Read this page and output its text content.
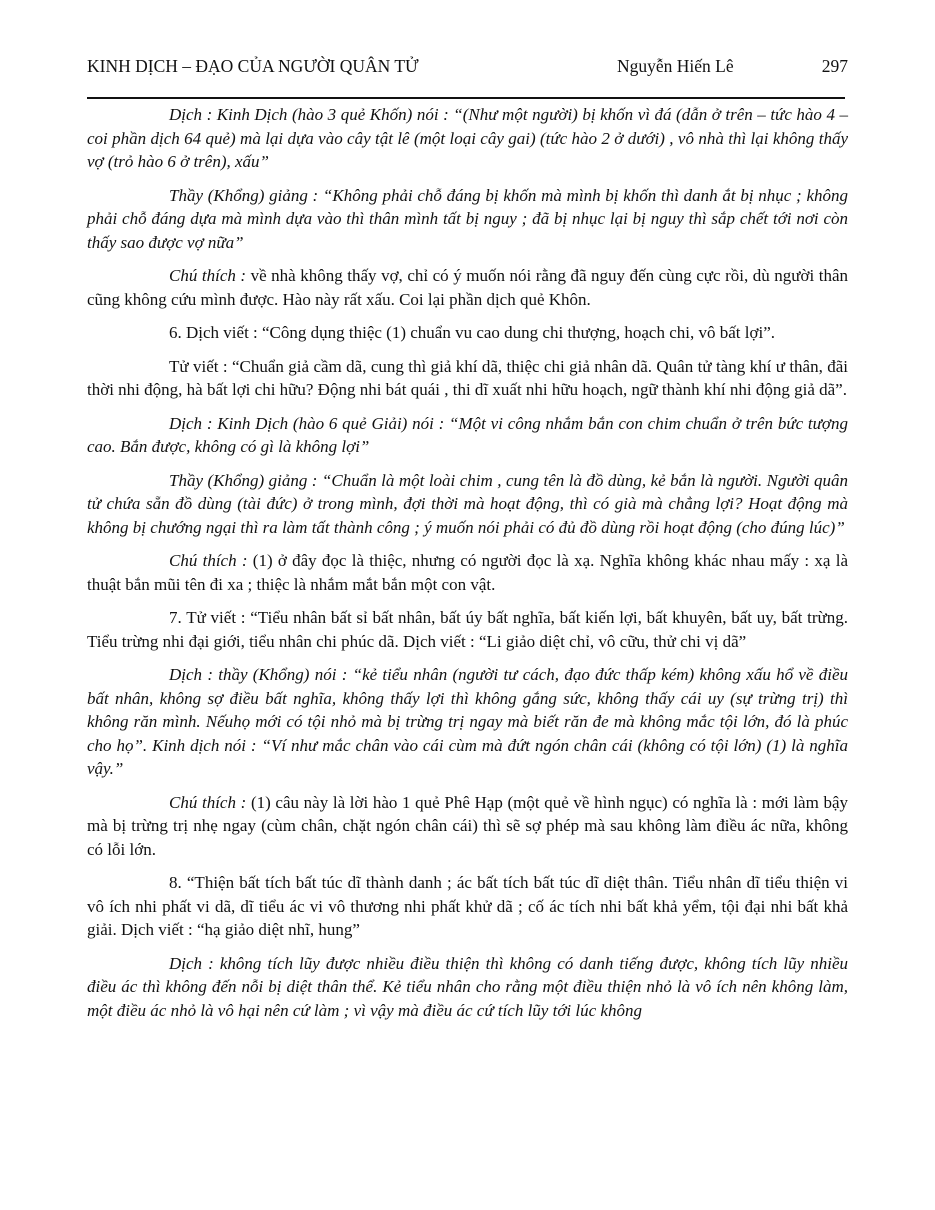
KINH DỊCH – ĐẠO CỦA NGƯỜI QUÂN TỬ	Nguyễn Hiến Lê	297

Dịch : Kinh Dịch (hào 3 quẻ Khốn) nói : “(Như một người) bị khốn vì đá (dẫn ở trên – tức hào 4 – coi phần dịch 64 quẻ) mà lại dựa vào cây tật lê (một loại cây gai) (tức hào 2 ở dưới) , vô nhà thì lại không thấy vợ (trỏ hào 6 ở trên), xấu”

Thầy (Khổng) giảng : “Không phải chỗ đáng bị khốn mà mình bị khốn thì danh ắt bị nhục ; không phải chỗ đáng dựa mà mình dựa vào thì thân mình tất bị nguy ; đã bị nhục lại bị nguy thì sắp chết tới nơi còn thấy sao được vợ nữa”

Chú thích : về nhà không thấy vợ, chỉ có ý muốn nói rằng đã nguy đến cùng cực rồi, dù người thân cũng không cứu mình được. Hào này rất xấu. Coi lại phần dịch quẻ Khôn.

6. Dịch viết : “Công dụng thiệc (1) chuẩn vu cao dung chi thượng, hoạch chi, vô bất lợi”.

Tử viết : “Chuẩn giả cầm dã, cung thì giả khí dã, thiệc chi giả nhân dã. Quân tử tàng khí ư thân, đãi thời nhi động, hà bất lợi chi hữu? Động nhi bát quái , thi dĩ xuất nhi hữu hoạch, ngữ thành khí nhi động giả dã”.

Dịch : Kinh Dịch (hào 6 quẻ Giải) nói : “Một vi công nhắm bắn con chim chuẩn ở trên bức tượng cao. Bắn được, không có gì là không lợi”

Thầy (Khổng) giảng : “Chuẩn là một loài chim , cung tên là đồ dùng, kẻ bắn là người. Người quân tử chứa sẵn đồ dùng (tài đức) ở trong mình, đợi thời mà hoạt động, thì có già mà chẳng lợi? Hoạt động mà không bị chướng ngại thì ra làm tất thành công ; ý muốn nói phải có đủ đồ dùng rồi hoạt động (cho đúng lúc)”

Chú thích : (1) ở đây đọc là thiệc, nhưng có người đọc là xạ. Nghĩa không khác nhau mấy : xạ là thuật bắn mũi tên đi xa ; thiệc là nhắm mắt bắn một con vật.

7. Tử viết : “Tiểu nhân bất sỉ bất nhân, bất úy bất nghĩa, bất kiến lợi, bất khuyên, bất uy, bất trừng. Tiểu trừng nhi đại giới, tiểu nhân chi phúc dã. Dịch viết : “Li giảo diệt chỉ, vô cữu, thử chi vị dã”

Dịch : thầy (Khổng) nói : “kẻ tiểu nhân (người tư cách, đạo đức thấp kém) không xấu hổ về điều bất nhân, không sợ điều bất nghĩa, không thấy lợi thì không gắng sức, không thấy cái uy (sự trừng trị) thì không răn mình. Nếuhọ mới có tội nhỏ mà bị trừng trị ngay mà biết răn đe mà không mắc tội lớn, đó là phúc cho họ”. Kinh dịch nói : “Ví như mắc chân vào cái cùm mà đứt ngón chân cái (không có tội lớn) (1) là nghĩa vậy.”

Chú thích : (1) câu này là lời hào 1 quẻ Phê Hạp (một quẻ về hình ngục) có nghĩa là : mới làm bậy mà bị trừng trị nhẹ ngay (cùm chân, chặt ngón chân cái) thì sẽ sợ phép mà sau không làm điều ác nữa, không có lỗi lớn.

8. “Thiện bất tích bất túc dĩ thành danh ; ác bất tích bất túc dĩ diệt thân. Tiểu nhân dĩ tiểu thiện vi vô ích nhi phất vi dã, dĩ tiểu ác vi vô thương nhi phất khử dã ; cố ác tích nhi bất khả yểm, tội đại nhi bất khả giải. Dịch viết : “hạ giảo diệt nhĩ, hung”

Dịch : không tích lũy được nhiều điều thiện thì không có danh tiếng được, không tích lũy nhiều điều ác thì không đến nỗi bị diệt thân thể. Kẻ tiểu nhân cho rằng một điều thiện nhỏ là vô ích nên không làm, một điều ác nhỏ là vô hại nên cứ làm ; vì vậy mà điều ác cứ tích lũy tới lúc không
